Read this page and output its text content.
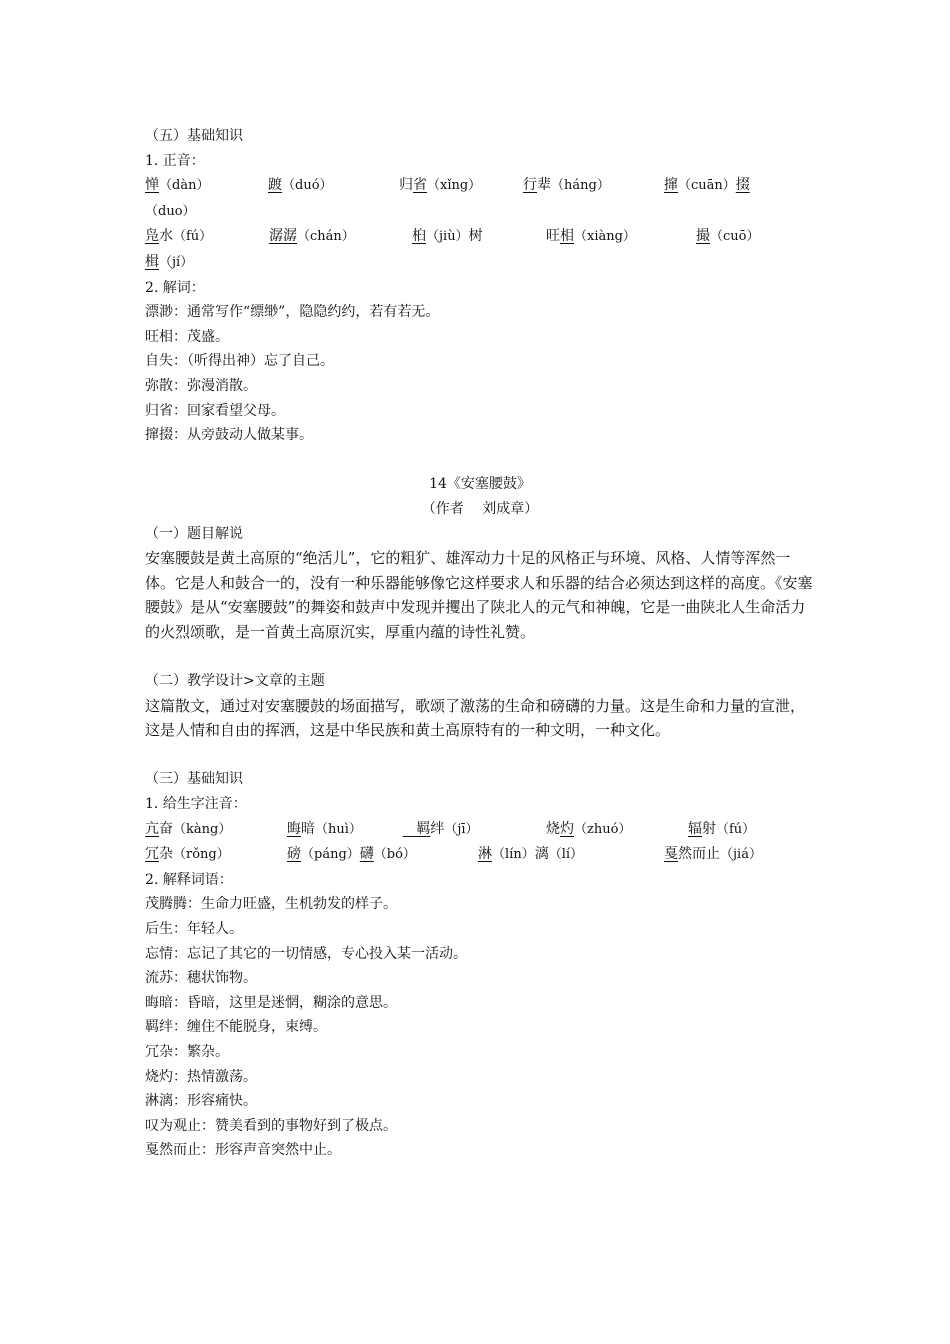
（五）基础知识
1. 正音：
惮（dàn）	踱（duó）	归省（xǐng）	行辈（háng）	撺（cuān）掇
（duo）
凫水（fú）	潺潺（chán）	桕（jiù）树	旺相（xiàng）	撮（cuō）
楫（jí）
2. 解词：
漂渺：通常写作“缥缈”，隐隐约约，若有若无。
旺相：茂盛。
自失：（听得出神）忘了自己。
弥散：弥漫消散。
归省：回家看望父母。
撺掇：从旁鼓动人做某事。
14《安塞腰鼓》
（作者　 刘成章）
（一）题目解说
安塞腰鼓是黄土高原的“绝活儿”，它的粗犷、雄浑动力十足的风格正与环境、风格、人情等浑然一体。它是人和鼓合一的，没有一种乐器能够像它这样要求人和乐器的结合必须达到这样的高度。《安塞腰鼓》是从“安塞腰鼓”的舞姿和鼓声中发现并攫出了陕北人的元气和神魄，它是一曲陕北人生命活力的火烈颂歌，是一首黄土高原沉实，厚重内蕴的诗性礼赞。
（二）教学设计>文章的主题
这篇散文，通过对安塞腰鼓的场面描写，歌颂了激荡的生命和磅礴的力量。这是生命和力量的宣泄，这是人情和自由的挥洒，这是中华民族和黄土高原特有的一种文明，一种文化。
（三）基础知识
1. 给生字注音：
亢奋（kàng）	晦暗（huì）	羁绊（jī）	烧灼（zhuó）	辐射（fú）
冗杂（rǒng）	磅（páng）礴（bó）	淋（lín）漓（lí）	戛然而止（jiá）
2. 解释词语：
茂腾腾：生命力旺盛，生机勃发的样子。
后生：年轻人。
忘情：忘记了其它的一切情感，专心投入某一活动。
流苏：穗状饰物。
晦暗：昏暗，这里是迷惘，糊涂的意思。
羁绊：缠住不能脱身，束缚。
冗杂：繁杂。
烧灼：热情激荡。
淋漓：形容痛快。
叹为观止：赞美看到的事物好到了极点。
戛然而止：形容声音突然中止。
